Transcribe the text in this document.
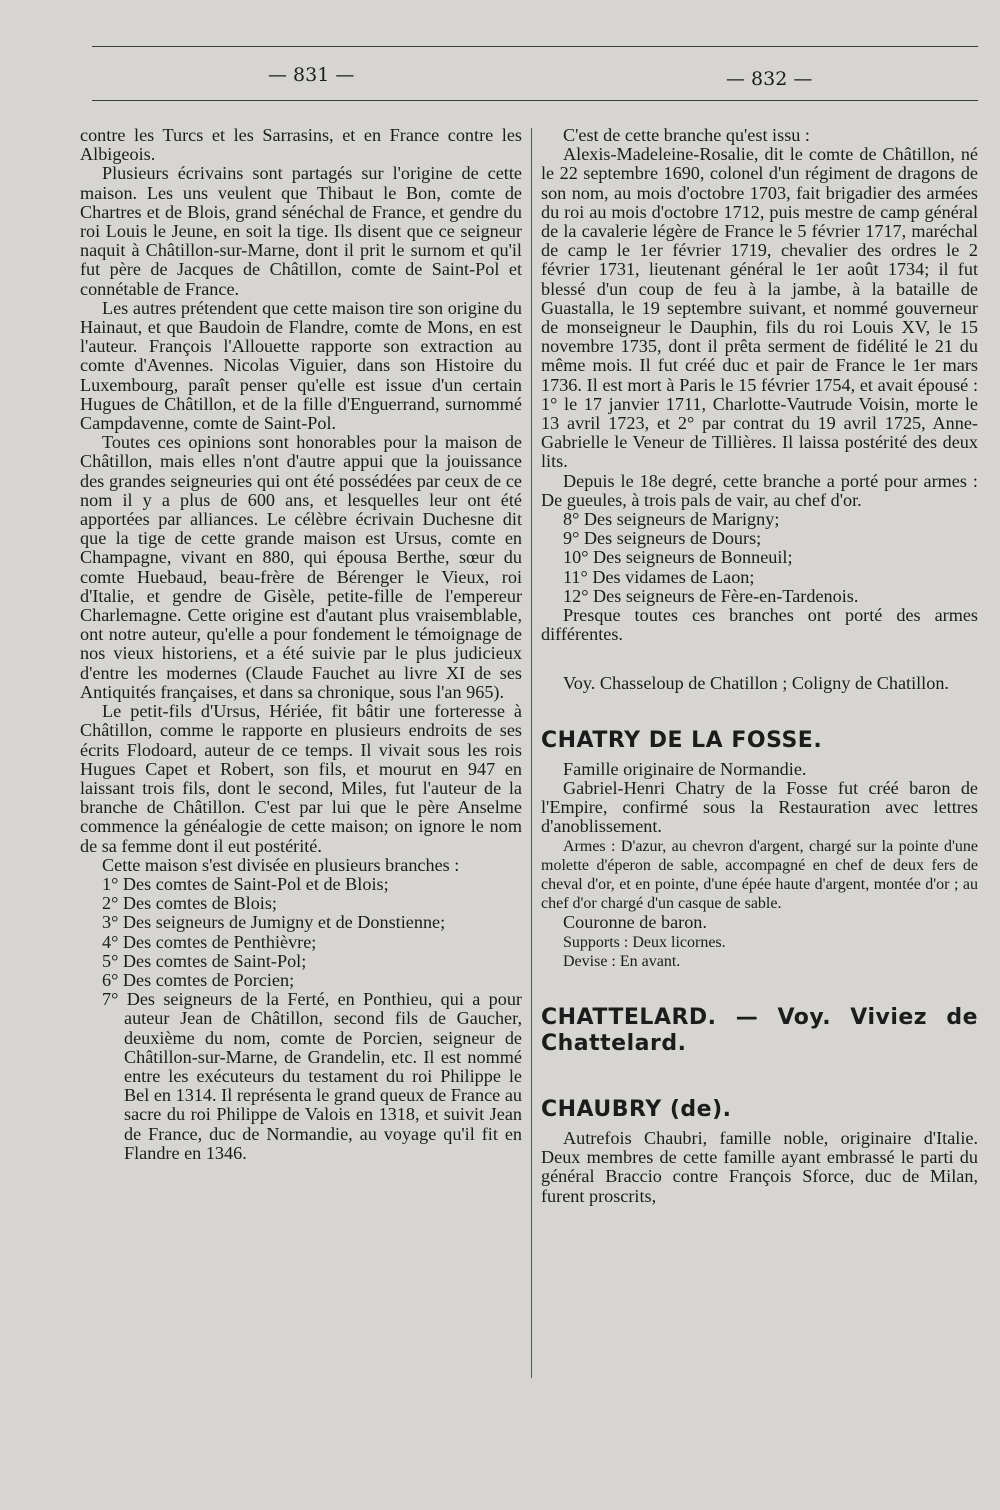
— 831 —	— 832 —

contre les Turcs et les Sarrasins, et en France contre les Albigeois.

Plusieurs écrivains sont partagés sur l'origine de cette maison. Les uns veulent que Thibaut le Bon, comte de Chartres et de Blois, grand sénéchal de France, et gendre du roi Louis le Jeune, en soit la tige. Ils disent que ce seigneur naquit à Châtillon-sur-Marne, dont il prit le surnom et qu'il fut père de Jacques de Châtillon, comte de Saint-Pol et connétable de France.

Les autres prétendent que cette maison tire son origine du Hainaut, et que Baudoin de Flandre, comte de Mons, en est l'auteur. François l'Allouette rapporte son extraction au comte d'Avennes. Nicolas Viguier, dans son Histoire du Luxembourg, paraît penser qu'elle est issue d'un certain Hugues de Châtillon, et de la fille d'Enguerrand, surnommé Campdavenne, comte de Saint-Pol.

Toutes ces opinions sont honorables pour la maison de Châtillon, mais elles n'ont d'autre appui que la jouissance des grandes seigneuries qui ont été possédées par ceux de ce nom il y a plus de 600 ans, et lesquelles leur ont été apportées par alliances. Le célèbre écrivain Duchesne dit que la tige de cette grande maison est Ursus, comte en Champagne, vivant en 880, qui épousa Berthe, sœur du comte Huebaud, beau-frère de Bérenger le Vieux, roi d'Italie, et gendre de Gisèle, petite-fille de l'empereur Charlemagne. Cette origine est d'autant plus vraisemblable, ont notre auteur, qu'elle a pour fondement le témoignage de nos vieux historiens, et a été suivie par le plus judicieux d'entre les modernes (Claude Fauchet au livre XI de ses Antiquités françaises, et dans sa chronique, sous l'an 965).

Le petit-fils d'Ursus, Hériée, fit bâtir une forteresse à Châtillon, comme le rapporte en plusieurs endroits de ses écrits Flodoard, auteur de ce temps. Il vivait sous les rois Hugues Capet et Robert, son fils, et mourut en 947 en laissant trois fils, dont le second, Miles, fut l'auteur de la branche de Châtillon. C'est par lui que le père Anselme commence la généalogie de cette maison; on ignore le nom de sa femme dont il eut postérité.

Cette maison s'est divisée en plusieurs branches :

1° Des comtes de Saint-Pol et de Blois;

2° Des comtes de Blois;

3° Des seigneurs de Jumigny et de Donstienne;

4° Des comtes de Penthièvre;

5° Des comtes de Saint-Pol;

6° Des comtes de Porcien;

7° Des seigneurs de la Ferté, en Ponthieu, qui a pour auteur Jean de Châtillon, second fils de Gaucher, deuxième du nom, comte de Porcien, seigneur de Châtillon-sur-Marne, de Grandelin, etc. Il est nommé entre les exécuteurs du testament du roi Philippe le Bel en 1314. Il représenta le grand queux de France au sacre du roi Philippe de Valois en 1318, et suivit Jean de France, duc de Normandie, au voyage qu'il fit en Flandre en 1346.

C'est de cette branche qu'est issu :

Alexis-Madeleine-Rosalie, dit le comte de Châtillon, né le 22 septembre 1690, colonel d'un régiment de dragons de son nom, au mois d'octobre 1703, fait brigadier des armées du roi au mois d'octobre 1712, puis mestre de camp général de la cavalerie légère de France le 5 février 1717, maréchal de camp le 1er février 1719, chevalier des ordres le 2 février 1731, lieutenant général le 1er août 1734; il fut blessé d'un coup de feu à la jambe, à la bataille de Guastalla, le 19 septembre suivant, et nommé gouverneur de monseigneur le Dauphin, fils du roi Louis XV, le 15 novembre 1735, dont il prêta serment de fidélité le 21 du même mois. Il fut créé duc et pair de France le 1er mars 1736. Il est mort à Paris le 15 février 1754, et avait épousé : 1° le 17 janvier 1711, Charlotte-Vautrude Voisin, morte le 13 avril 1723, et 2° par contrat du 19 avril 1725, Anne-Gabrielle le Veneur de Tillières. Il laissa postérité des deux lits.

Depuis le 18e degré, cette branche a porté pour armes : De gueules, à trois pals de vair, au chef d'or.

8° Des seigneurs de Marigny;

9° Des seigneurs de Dours;

10° Des seigneurs de Bonneuil;

11° Des vidames de Laon;

12° Des seigneurs de Fère-en-Tardenois.

Presque toutes ces branches ont porté des armes différentes.

Voy. Chasseloup de Chatillon ; Coligny de Chatillon.

CHATRY DE LA FOSSE.

Famille originaire de Normandie.

Gabriel-Henri Chatry de la Fosse fut créé baron de l'Empire, confirmé sous la Restauration avec lettres d'anoblissement.

Armes : D'azur, au chevron d'argent, chargé sur la pointe d'une molette d'éperon de sable, accompagné en chef de deux fers de cheval d'or, et en pointe, d'une épée haute d'argent, montée d'or ; au chef d'or chargé d'un casque de sable.

Couronne de baron.

Supports : Deux licornes.

Devise : En avant.

CHATTELARD. — Voy. Viviez de Chattelard.

CHAUBRY (de).

Autrefois Chaubri, famille noble, originaire d'Italie. Deux membres de cette famille ayant embrassé le parti du général Braccio contre François Sforce, duc de Milan, furent proscrits,
